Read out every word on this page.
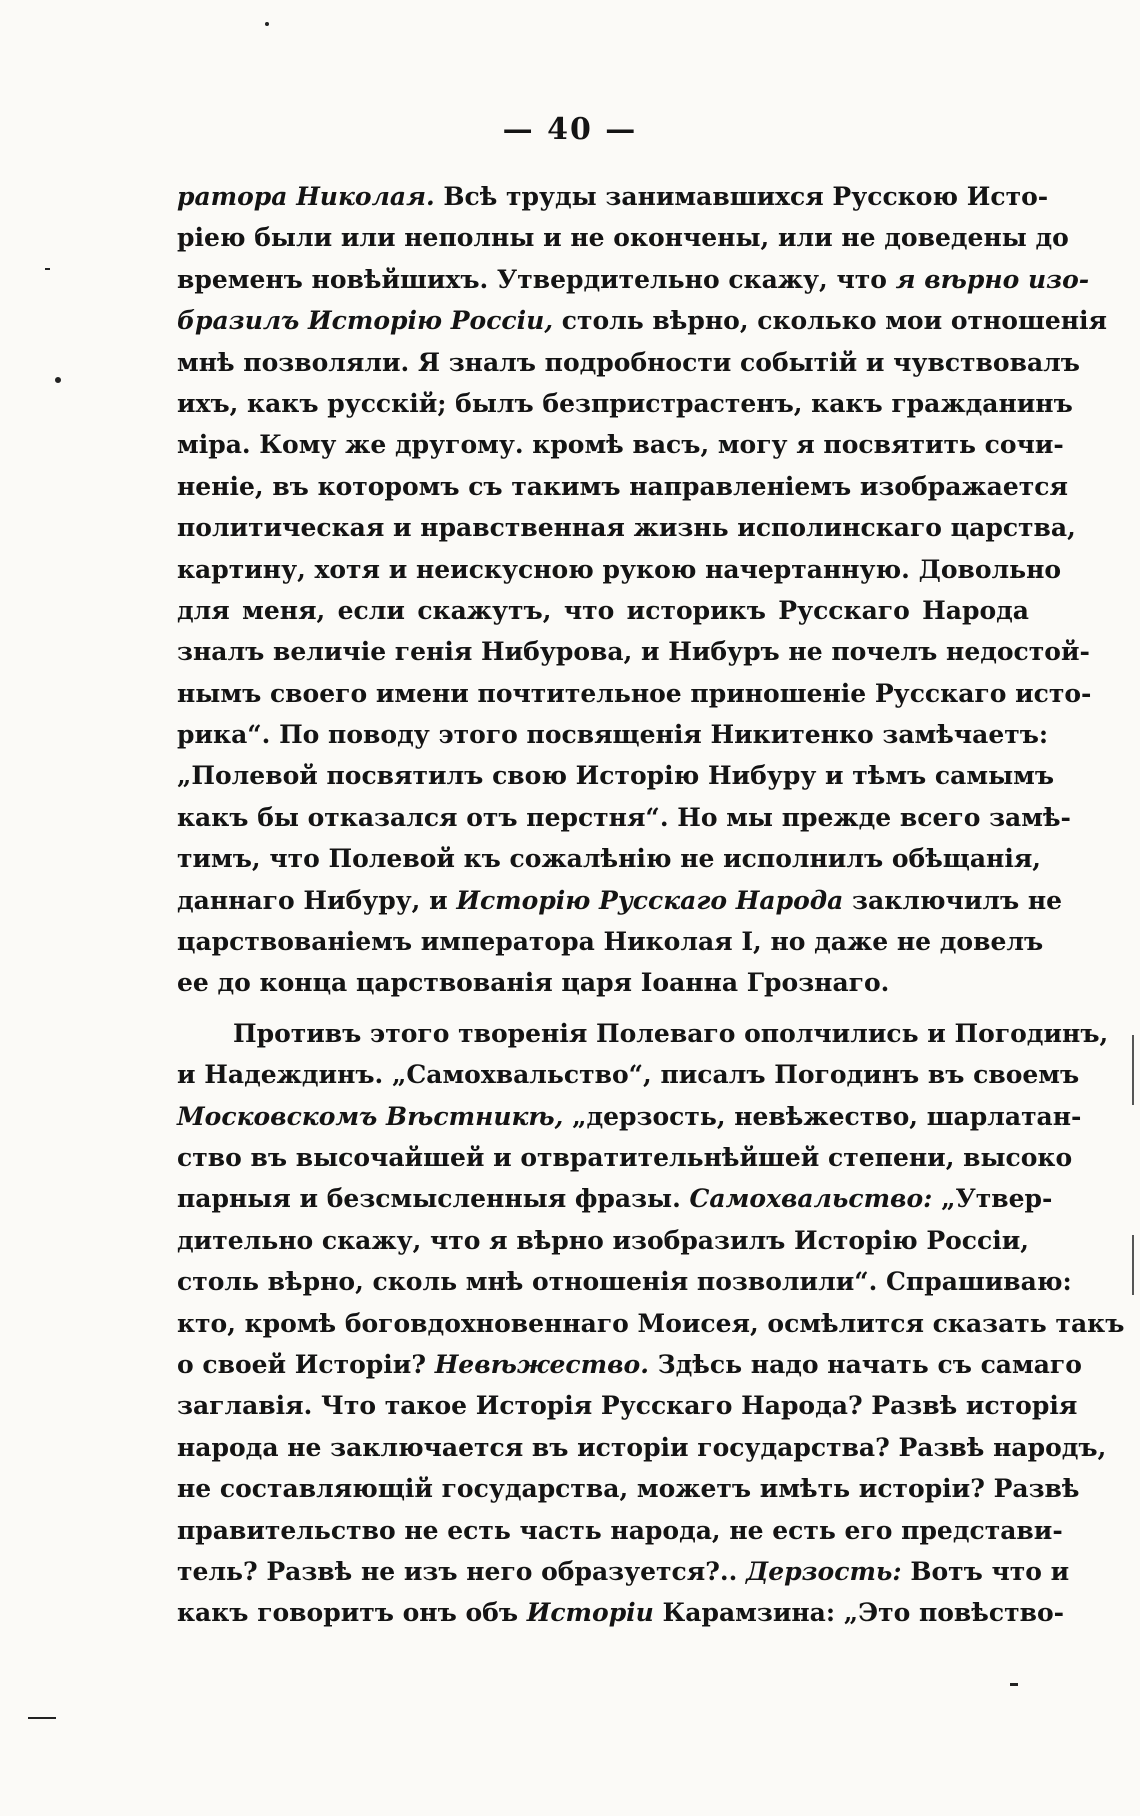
— 40 —
ратора Николая. Всѣ труды занимавшихся Русскою Исто-
ріею были или неполны и не окончены, или не доведены до
временъ новѣйшихъ. Утвердительно скажу, что я вѣрно изо-
бразилъ Исторію Россіи, столь вѣрно, сколько мои отношенія
мнѣ позволяли. Я зналъ подробности событій и чувствовалъ
ихъ, какъ русскій; былъ безпристрастенъ, какъ гражданинъ
міра. Кому же другому. кромѣ васъ, могу я посвятить сочи-
неніе, въ которомъ съ такимъ направленіемъ изображается
политическая и нравственная жизнь исполинскаго царства,
картину, хотя и неискусною рукою начертанную. Довольно
для меня, если скажутъ, что историкъ Русскаго Народа
зналъ величіе генія Нибурова, и Нибуръ не почелъ недостой-
нымъ своего имени почтительное приношеніе Русскаго исто-
рика“. По поводу этого посвященія Никитенко замѣчаетъ:
„Полевой посвятилъ свою Исторію Нибуру и тѣмъ самымъ
какъ бы отказался отъ перстня“. Но мы прежде всего замѣ-
тимъ, что Полевой къ сожалѣнію не исполнилъ обѣщанія,
даннаго Нибуру, и Исторію Русскаго Народа заключилъ не
царствованіемъ императора Николая I, но даже не довелъ
ее до конца царствованія царя Іоанна Грознаго.
Противъ этого творенія Полеваго ополчились и Погодинъ,
и Надеждинъ. „Самохвальство“, писалъ Погодинъ въ своемъ
Московскомъ Вѣстникѣ, „дерзость, невѣжество, шарлатан-
ство въ высочайшей и отвратительнѣйшей степени, высоко
парныя и безсмысленныя фразы. Самохвальство: „Утвер-
дительно скажу, что я вѣрно изобразилъ Исторію Россіи,
столь вѣрно, сколь мнѣ отношенія позволили“. Спрашиваю:
кто, кромѣ боговдохновеннаго Моисея, осмѣлится сказать такъ
о своей Исторіи? Невѣжество. Здѣсь надо начать съ самаго
заглавія. Что такое Исторія Русскаго Народа? Развѣ исторія
народа не заключается въ исторіи государства? Развѣ народъ,
не составляющій государства, можетъ имѣть исторіи? Развѣ
правительство не есть часть народа, не есть его представи-
тель? Развѣ не изъ него образуется?.. Дерзость: Вотъ что и
какъ говоритъ онъ объ Исторіи Карамзина: „Это повѣство-
